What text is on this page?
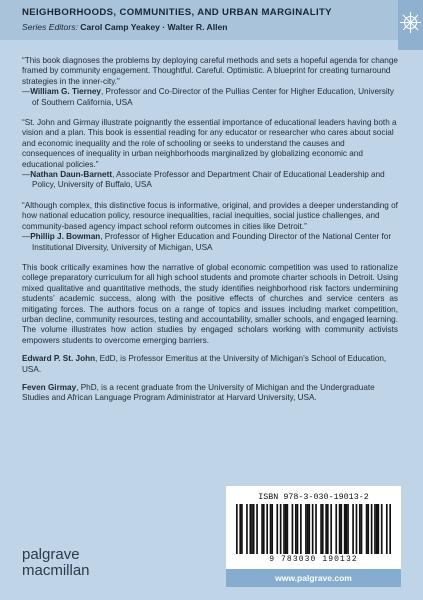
NEIGHBORHOODS, COMMUNITIES, AND URBAN MARGINALITY
Series Editors: Carol Camp Yeakey · Walter R. Allen

“This book diagnoses the problems by deploying careful methods and sets a hopeful agenda for change framed by community engagement. Thoughtful. Careful. Optimistic. A blueprint for creating turnaround strategies in the inner-city.”
—William G. Tierney, Professor and Co-Director of the Pullias Center for Higher Education, University of Southern California, USA

“St. John and Girmay illustrate poignantly the essential importance of educational leaders having both a vision and a plan. This book is essential reading for any educator or researcher who cares about social and economic inequality and the role of schooling or seeks to understand the causes and consequences of inequality in urban neighborhoods marginalized by globalizing economic and educational policies.”
—Nathan Daun-Barnett, Associate Professor and Department Chair of Educational Leadership and Policy, University of Buffalo, USA

“Although complex, this distinctive focus is informative, original, and provides a deeper understanding of how national education policy, resource inequalities, racial inequities, social justice challenges, and community-based agency impact school reform outcomes in cities like Detroit.”
—Phillip J. Bowman, Professor of Higher Education and Founding Director of the National Center for Institutional Diversity, University of Michigan, USA

This book critically examines how the narrative of global economic competition was used to rationalize college preparatory curriculum for all high school students and promote charter schools in Detroit. Using mixed qualitative and quantitative methods, the study identifies neighborhood risk factors undermining students’ academic success, along with the positive effects of churches and service centers as mitigating forces. The authors focus on a range of topics and issues including market competition, urban decline, community resources, testing and accountability, smaller schools, and engaged learning. The volume illustrates how action studies by engaged scholars working with community activists empowers students to overcome emerging barriers.

Edward P. St. John, EdD, is Professor Emeritus at the University of Michigan’s School of Education, USA.

Feven Girmay, PhD, is a recent graduate from the University of Michigan and the Undergraduate Studies and African Language Program Administrator at Harvard University, USA.

palgrave
macmillan
ISBN 978-3-030-19013-2
9 783030 190132
www.palgrave.com
